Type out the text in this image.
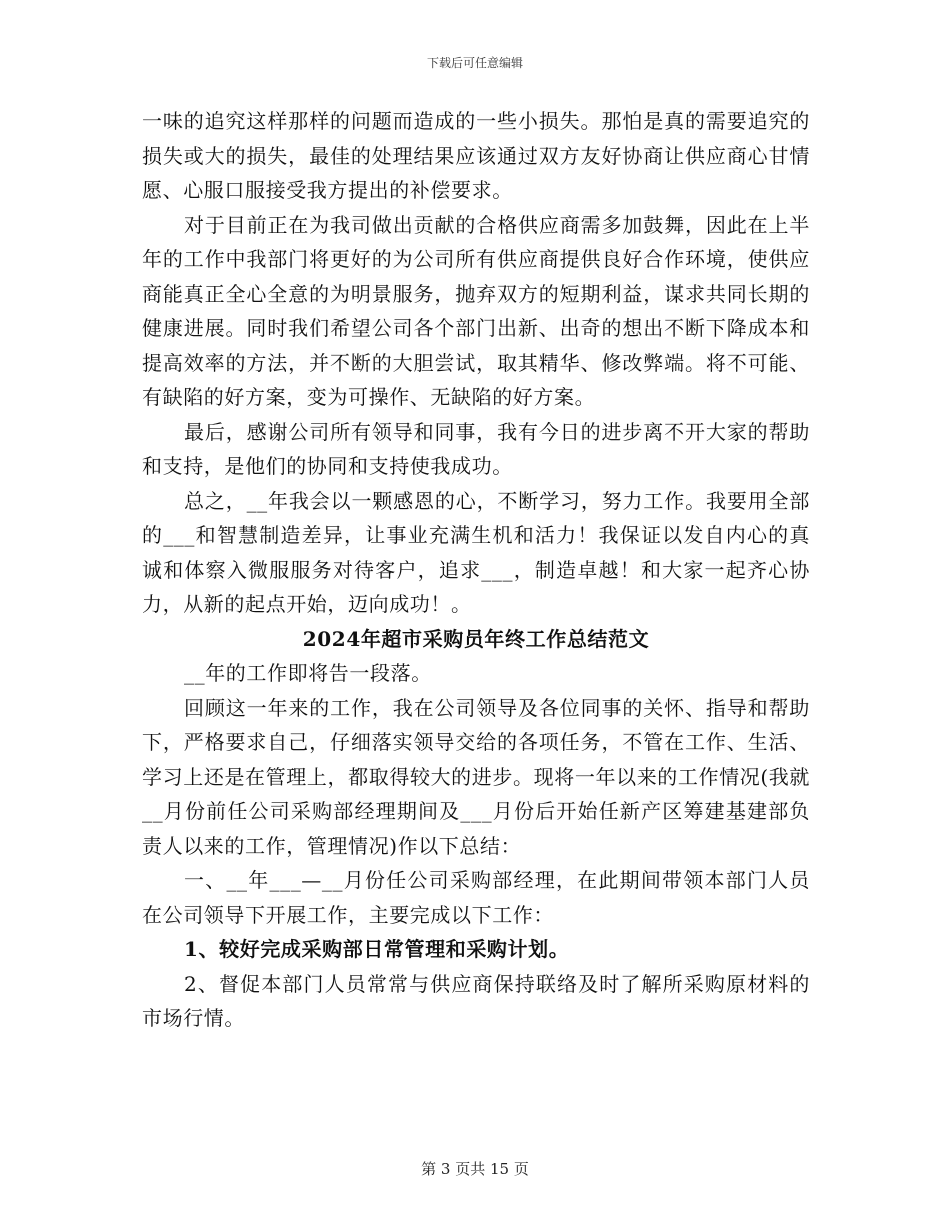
下载后可任意编辑

一味的追究这样那样的问题而造成的一些小损失。那怕是真的需要追究的损失或大的损失，最佳的处理结果应该通过双方友好协商让供应商心甘情愿、心服口服接受我方提出的补偿要求。

对于目前正在为我司做出贡献的合格供应商需多加鼓舞，因此在上半年的工作中我部门将更好的为公司所有供应商提供良好合作环境，使供应商能真正全心全意的为明景服务，抛弃双方的短期利益，谋求共同长期的健康进展。同时我们希望公司各个部门出新、出奇的想出不断下降成本和提高效率的方法，并不断的大胆尝试，取其精华、修改弊端。将不可能、有缺陷的好方案，变为可操作、无缺陷的好方案。

最后，感谢公司所有领导和同事，我有今日的进步离不开大家的帮助和支持，是他们的协同和支持使我成功。

总之，__年我会以一颗感恩的心，不断学习，努力工作。我要用全部的___和智慧制造差异，让事业充满生机和活力！我保证以发自内心的真诚和体察入微服服务对待客户，追求___，制造卓越！和大家一起齐心协力，从新的起点开始，迈向成功！。

2024年超市采购员年终工作总结范文

__年的工作即将告一段落。

回顾这一年来的工作，我在公司领导及各位同事的关怀、指导和帮助下，严格要求自己，仔细落实领导交给的各项任务，不管在工作、生活、学习上还是在管理上，都取得较大的进步。现将一年以来的工作情况(我就__月份前任公司采购部经理期间及___月份后开始任新产区筹建基建部负责人以来的工作，管理情况)作以下总结：

一、__年___—__月份任公司采购部经理，在此期间带领本部门人员在公司领导下开展工作，主要完成以下工作：

1、较好完成采购部日常管理和采购计划。

2、督促本部门人员常常与供应商保持联络及时了解所采购原材料的市场行情。

第 3 页共 15 页
